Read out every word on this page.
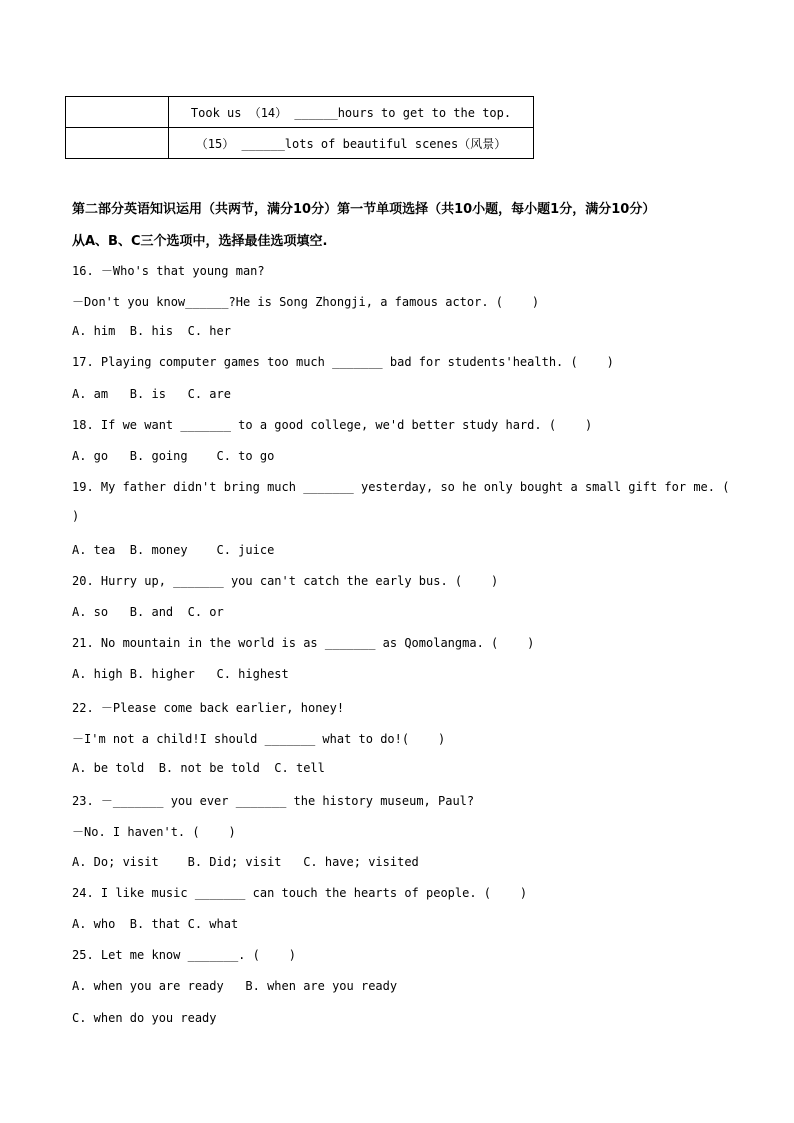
	Took us （14） ______hours to get to the top.
	（15） ______lots of beautiful scenes（风景）
第二部分英语知识运用（共两节，满分10分）第一节单项选择（共10小题，每小题1分，满分10分）
从A、B、C三个选项中，选择最佳选项填空.
16. －Who's that young man?
－Don't you know______?He is Song Zhongji, a famous actor. (    )
A. him  B. his  C. her
17. Playing computer games too much _______ bad for students'health. (    )
A. am   B. is   C. are
18. If we want _______ to a good college, we'd better study hard. (    )
A. go   B. going    C. to go
19. My father didn't bring much _______ yesterday, so he only bought a small gift for me. (
)
A. tea  B. money    C. juice
20. Hurry up, _______ you can't catch the early bus. (    )
A. so   B. and  C. or
21. No mountain in the world is as _______ as Qomolangma. (    )
A. high B. higher   C. highest
22. －Please come back earlier, honey!
－I'm not a child!I should _______ what to do!(    )
A. be told  B. not be told  C. tell
23. －_______ you ever _______ the history museum, Paul?
－No. I haven't. (    )
A. Do; visit    B. Did; visit   C. have; visited
24. I like music _______ can touch the hearts of people. (    )
A. who  B. that C. what
25. Let me know _______. (    )
A. when you are ready   B. when are you ready
C. when do you ready
